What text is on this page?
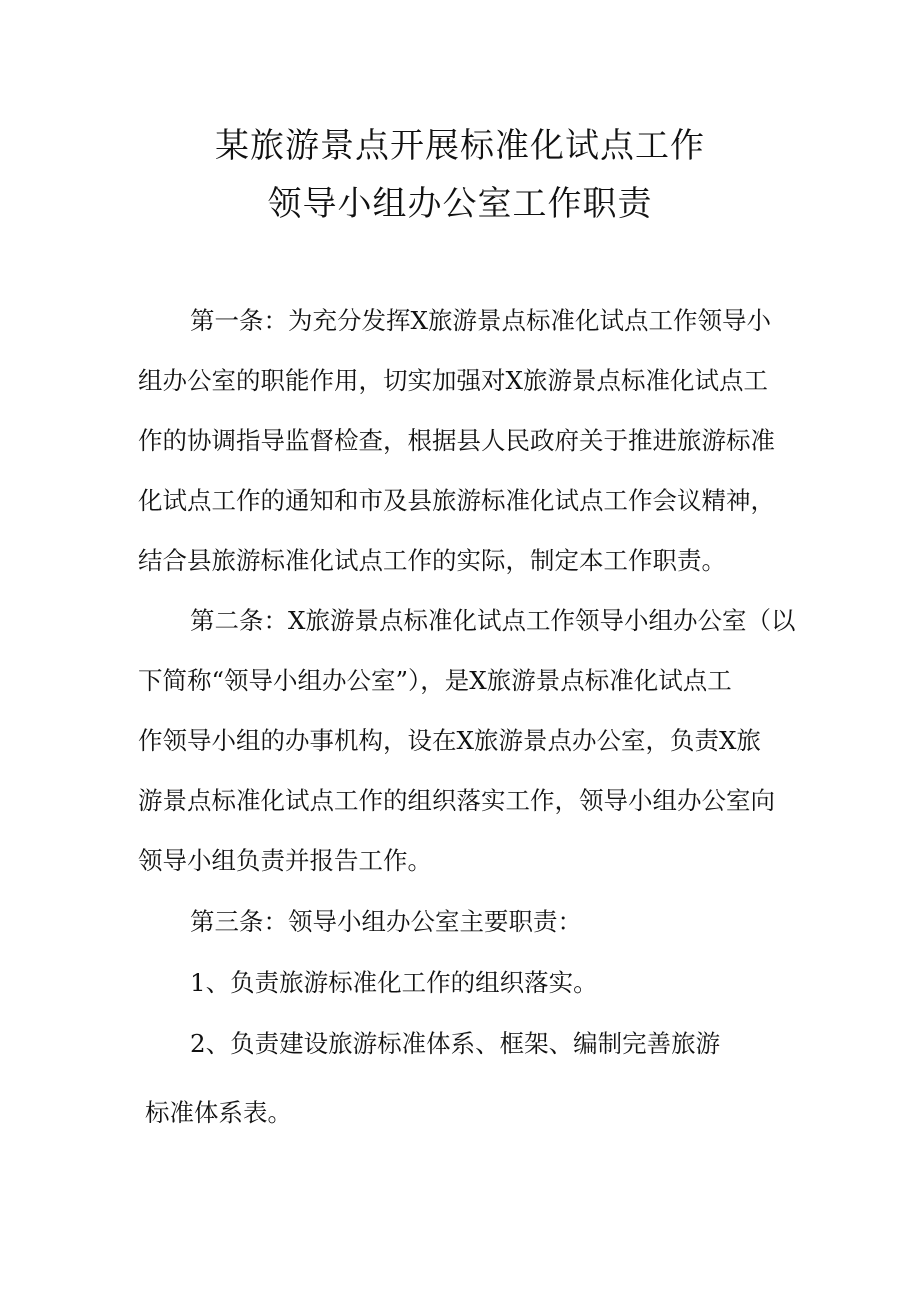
某旅游景点开展标准化试点工作
领导小组办公室工作职责

第一条：为充分发挥X旅游景点标准化试点工作领导小

组办公室的职能作用，切实加强对X旅游景点标准化试点工

作的协调指导监督检查，根据县人民政府关于推进旅游标准

化试点工作的通知和市及县旅游标准化试点工作会议精神，

结合县旅游标准化试点工作的实际，制定本工作职责。

第二条：X旅游景点标准化试点工作领导小组办公室（以

下简称“领导小组办公室”），是X旅游景点标准化试点工

作领导小组的办事机构，设在X旅游景点办公室，负责X旅

游景点标准化试点工作的组织落实工作，领导小组办公室向

领导小组负责并报告工作。

第三条：领导小组办公室主要职责：

1、负责旅游标准化工作的组织落实。

2、负责建设旅游标准体系、框架、编制完善旅游

标准体系表。
